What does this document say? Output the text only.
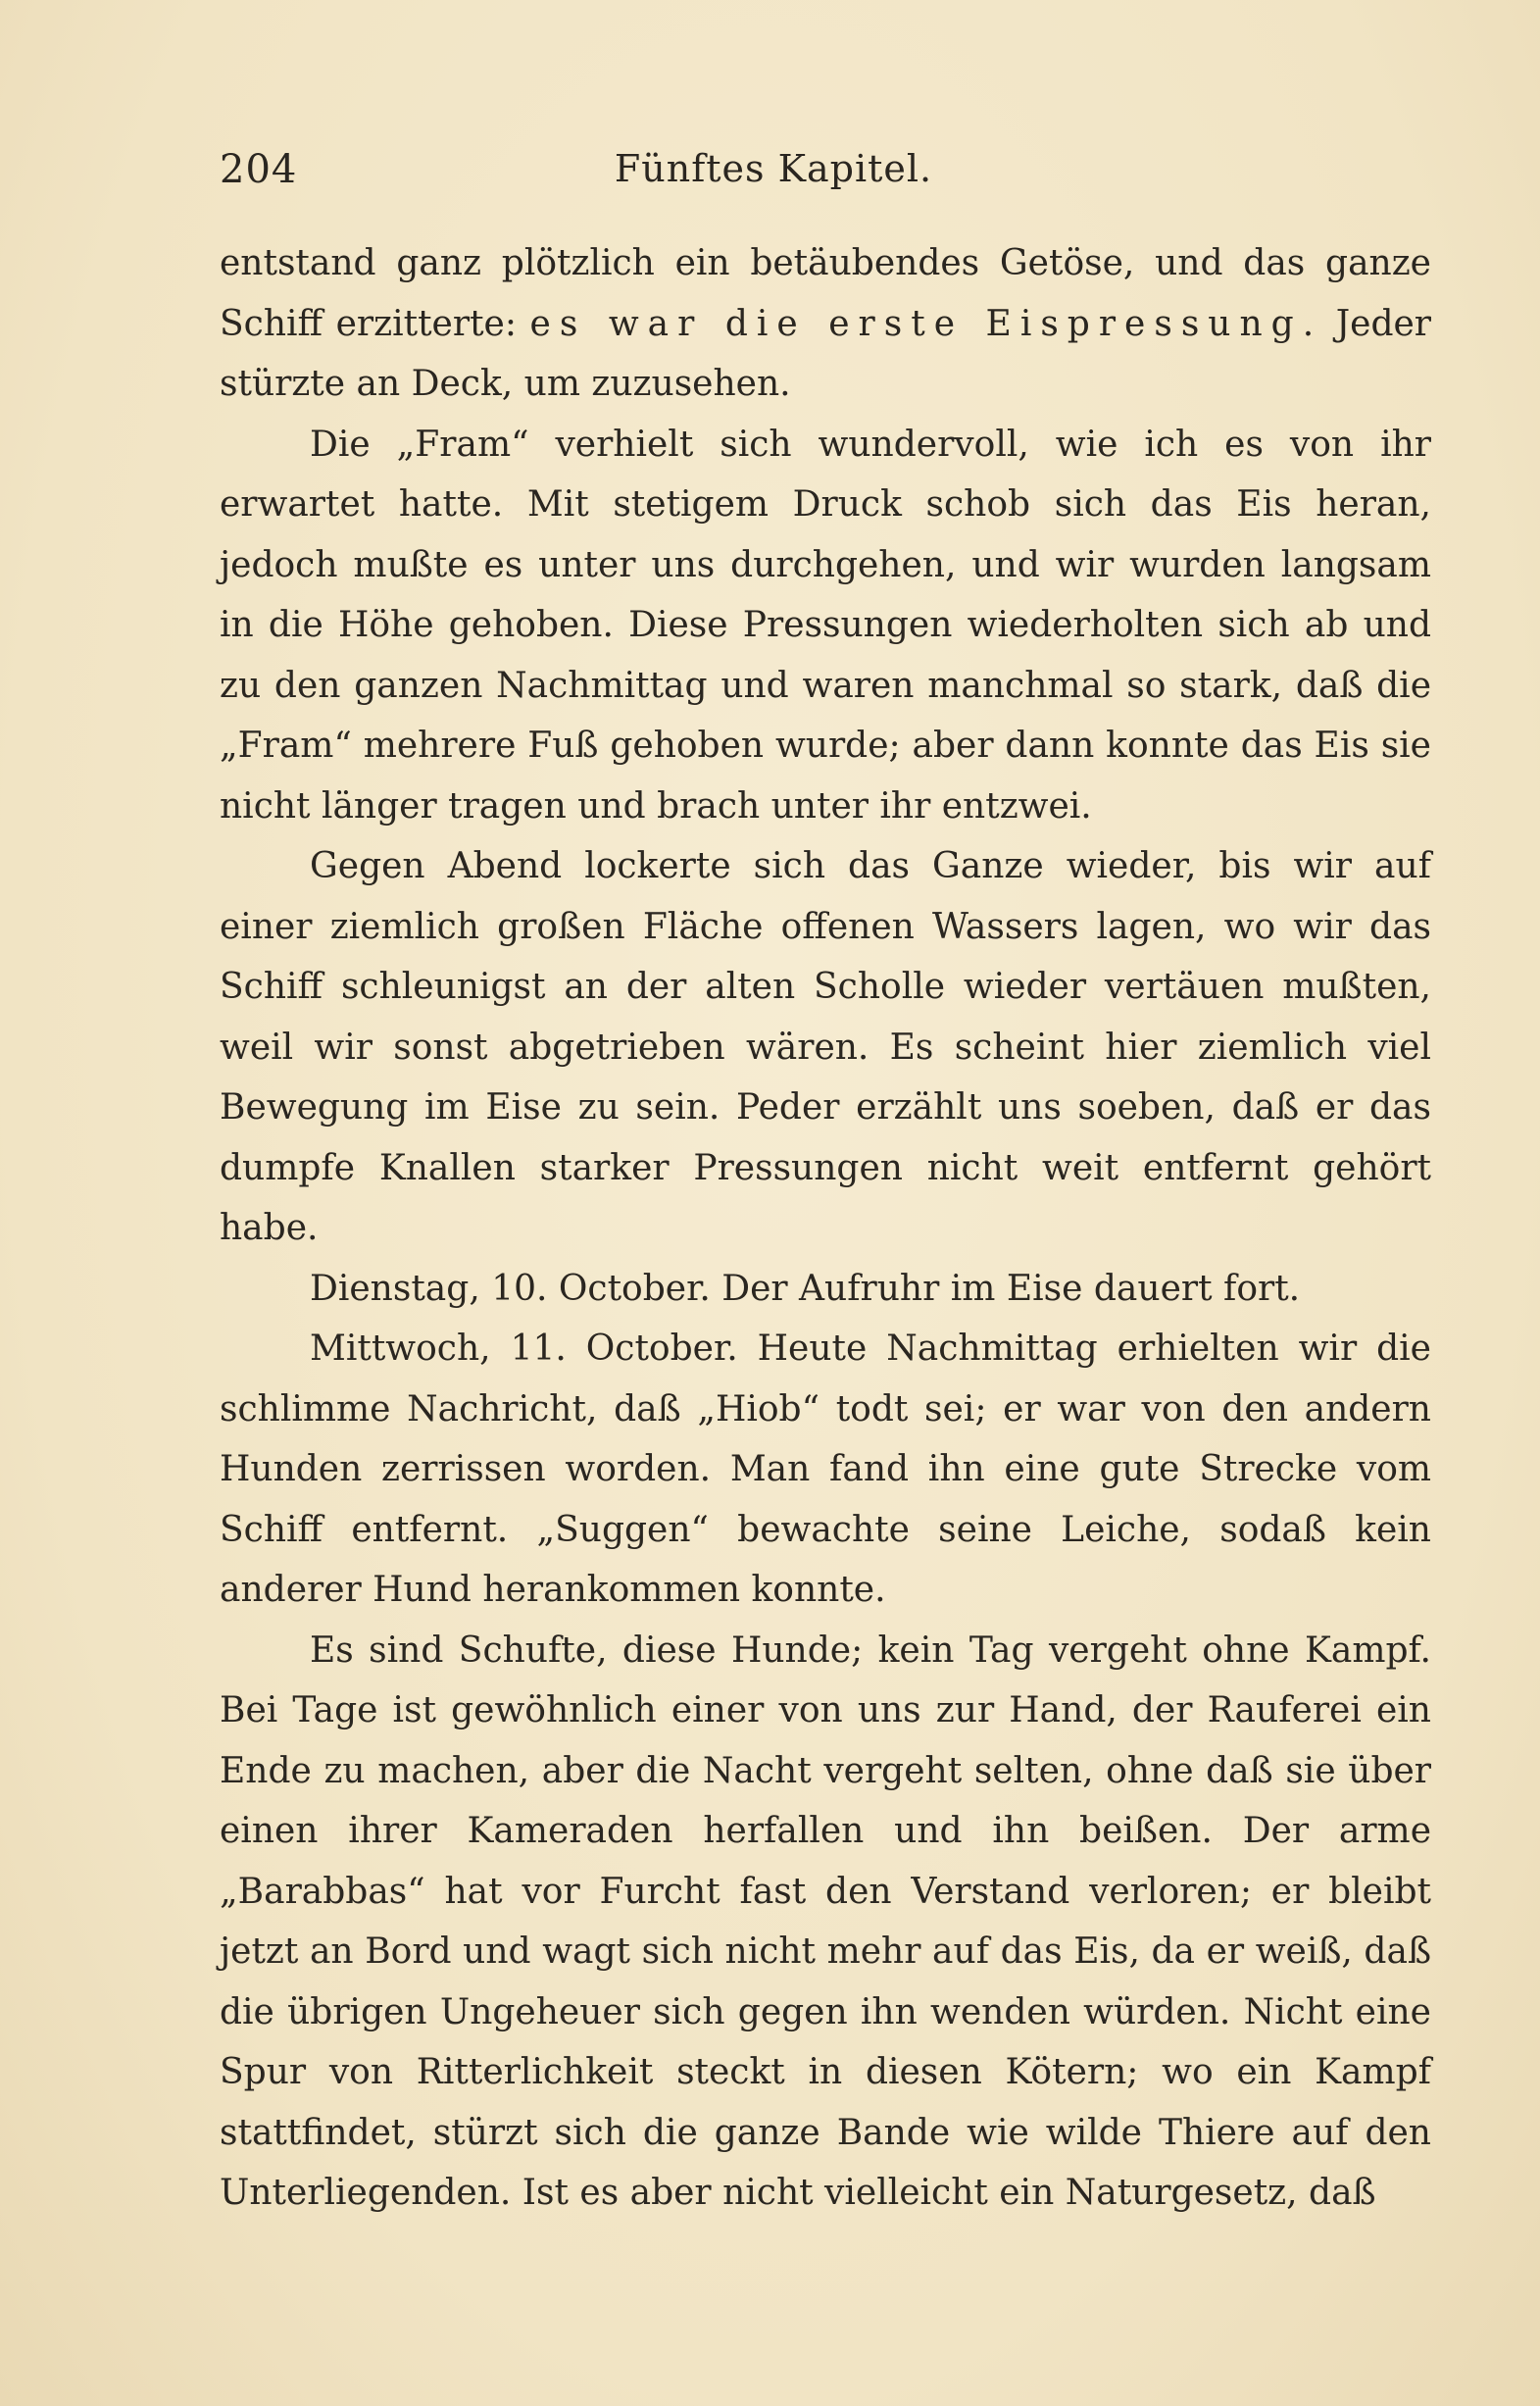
204	Fünftes Kapitel.

entstand ganz plötzlich ein betäubendes Getöse, und das ganze Schiff erzitterte: es war die erste Eispressung. Jeder stürzte an Deck, um zuzusehen.

Die „Fram“ verhielt sich wundervoll, wie ich es von ihr erwartet hatte. Mit stetigem Druck schob sich das Eis heran, jedoch mußte es unter uns durchgehen, und wir wurden langsam in die Höhe gehoben. Diese Pressungen wiederholten sich ab und zu den ganzen Nachmittag und waren manchmal so stark, daß die „Fram“ mehrere Fuß gehoben wurde; aber dann konnte das Eis sie nicht länger tragen und brach unter ihr entzwei.

Gegen Abend lockerte sich das Ganze wieder, bis wir auf einer ziemlich großen Fläche offenen Wassers lagen, wo wir das Schiff schleunigst an der alten Scholle wieder vertäuen mußten, weil wir sonst abgetrieben wären. Es scheint hier ziemlich viel Bewegung im Eise zu sein. Peder erzählt uns soeben, daß er das dumpfe Knallen starker Pressungen nicht weit entfernt gehört habe.

Dienstag, 10. October. Der Aufruhr im Eise dauert fort.

Mittwoch, 11. October. Heute Nachmittag erhielten wir die schlimme Nachricht, daß „Hiob“ todt sei; er war von den andern Hunden zerrissen worden. Man fand ihn eine gute Strecke vom Schiff entfernt. „Suggen“ bewachte seine Leiche, sodaß kein anderer Hund herankommen konnte.

Es sind Schufte, diese Hunde; kein Tag vergeht ohne Kampf. Bei Tage ist gewöhnlich einer von uns zur Hand, der Rauferei ein Ende zu machen, aber die Nacht vergeht selten, ohne daß sie über einen ihrer Kameraden herfallen und ihn beißen. Der arme „Barabbas“ hat vor Furcht fast den Verstand verloren; er bleibt jetzt an Bord und wagt sich nicht mehr auf das Eis, da er weiß, daß die übrigen Ungeheuer sich gegen ihn wenden würden. Nicht eine Spur von Ritterlichkeit steckt in diesen Kötern; wo ein Kampf stattfindet, stürzt sich die ganze Bande wie wilde Thiere auf den Unterliegenden. Ist es aber nicht vielleicht ein Naturgesetz, daß
